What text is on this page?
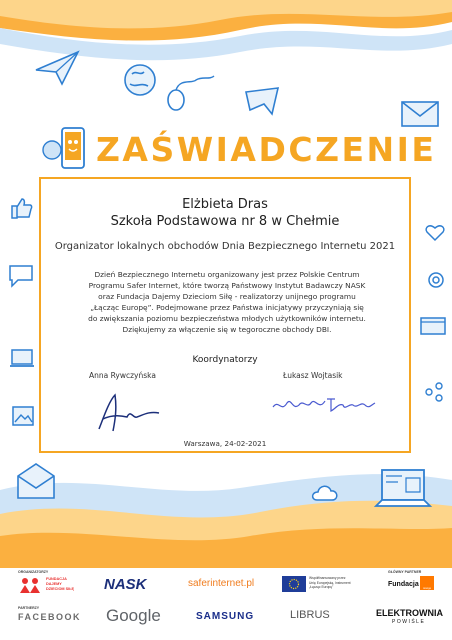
ZAŚWIADCZENIE
Elżbieta Dras
Szkoła Podstawowa nr 8 w Chełmie
Organizator lokalnych obchodów Dnia Bezpiecznego Internetu 2021
Dzień Bezpiecznego Internetu organizowany jest przez Polskie Centrum
Programu Safer Internet, które tworzą Państwowy Instytut Badawczy NASK
oraz Fundacja Dajemy Dzieciom Siłę - realizatorzy unijnego programu
„Łącząc Europę”. Podejmowane przez Państwa inicjatywy przyczyniają się
do zwiększania poziomu bezpieczeństwa młodych użytkowników internetu.
Dziękujemy za włączenie się w tegoroczne obchody DBI.
Koordynatorzy
Anna Rywczyńska	Łukasz Wojtasik
Warszawa, 24-02-2021
ORGANIZATORZY
FUNDACJA DAJEMY DZIECIOM SIŁĘ NASK	saferinternet.pl	Współfinansowany przez Unię Europejską, Instrument „Łącząc Europę”
GŁÓWNY PARTNER
Fundacja
orange
PARTNERZY
FACEBOOK Google	SAMSUNG	LIBRUS	ELEKTROWNIA
POWIŚLE
